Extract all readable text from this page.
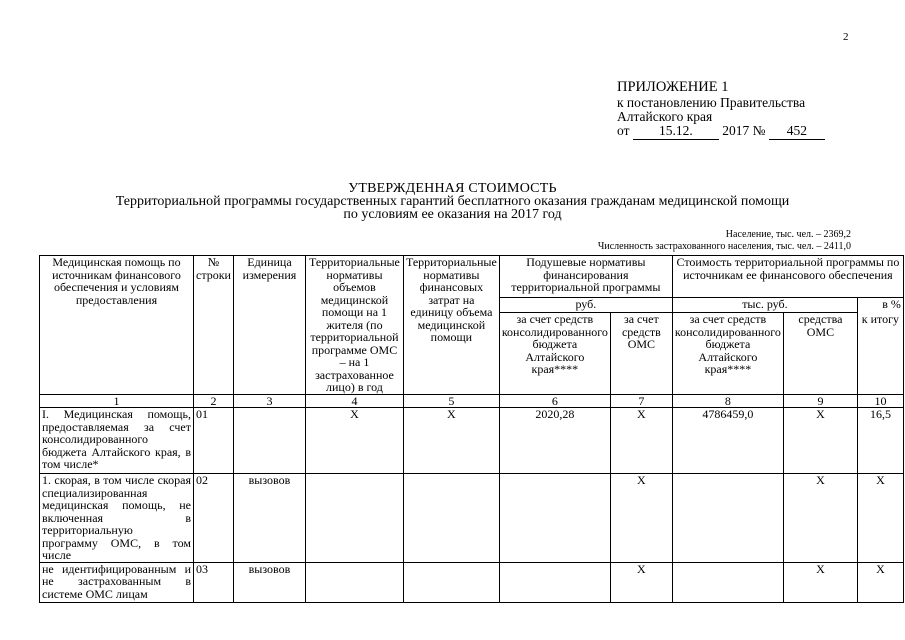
2
ПРИЛОЖЕНИЕ 1
к постановлению Правительства
Алтайского края
от 15.12. 2017 № 452
УТВЕРЖДЕННАЯ СТОИМОСТЬ
Территориальной программы государственных гарантий бесплатного оказания гражданам медицинской помощи
по условиям ее оказания на 2017 год
Население, тыс. чел. – 2369,2
Численность застрахованного населения, тыс. чел. – 2411,0
Медицинская помощь по источникам финансового обеспечения и условиям предоставления	№ строки	Единица измерения	Территориальные нормативы объемов медицинской помощи на 1 жителя (по территориальной программе ОМС – на 1 застрахованное лицо) в год	Территориальные нормативы финансовых затрат на единицу объема медицинской помощи	Подушевые нормативы финансирования территориальной программы		Стоимость территориальной программы по источникам ее финансового обеспечения		
					руб.		тыс. руб.		в %
					за счет средств консолидированного бюджета Алтайского края****	за счет средств ОМС	за счет средств консолидированного бюджета Алтайского края****	средства ОМС	к итогу
1	2	3	4	5	6	7	8	9	10
I. Медицинская помощь, предоставляемая за счет консолидированного бюджета Алтайского края, в том числе*	01		X	X	2020,28	X	4786459,0	X	16,5
1. скорая, в том числе скорая специализированная медицинская помощь, не включенная в территориальную программу ОМС, в том числе	02	вызовов				X		X	X
не идентифицированным и не застрахованным в системе ОМС лицам	03	вызовов				X		X	X
